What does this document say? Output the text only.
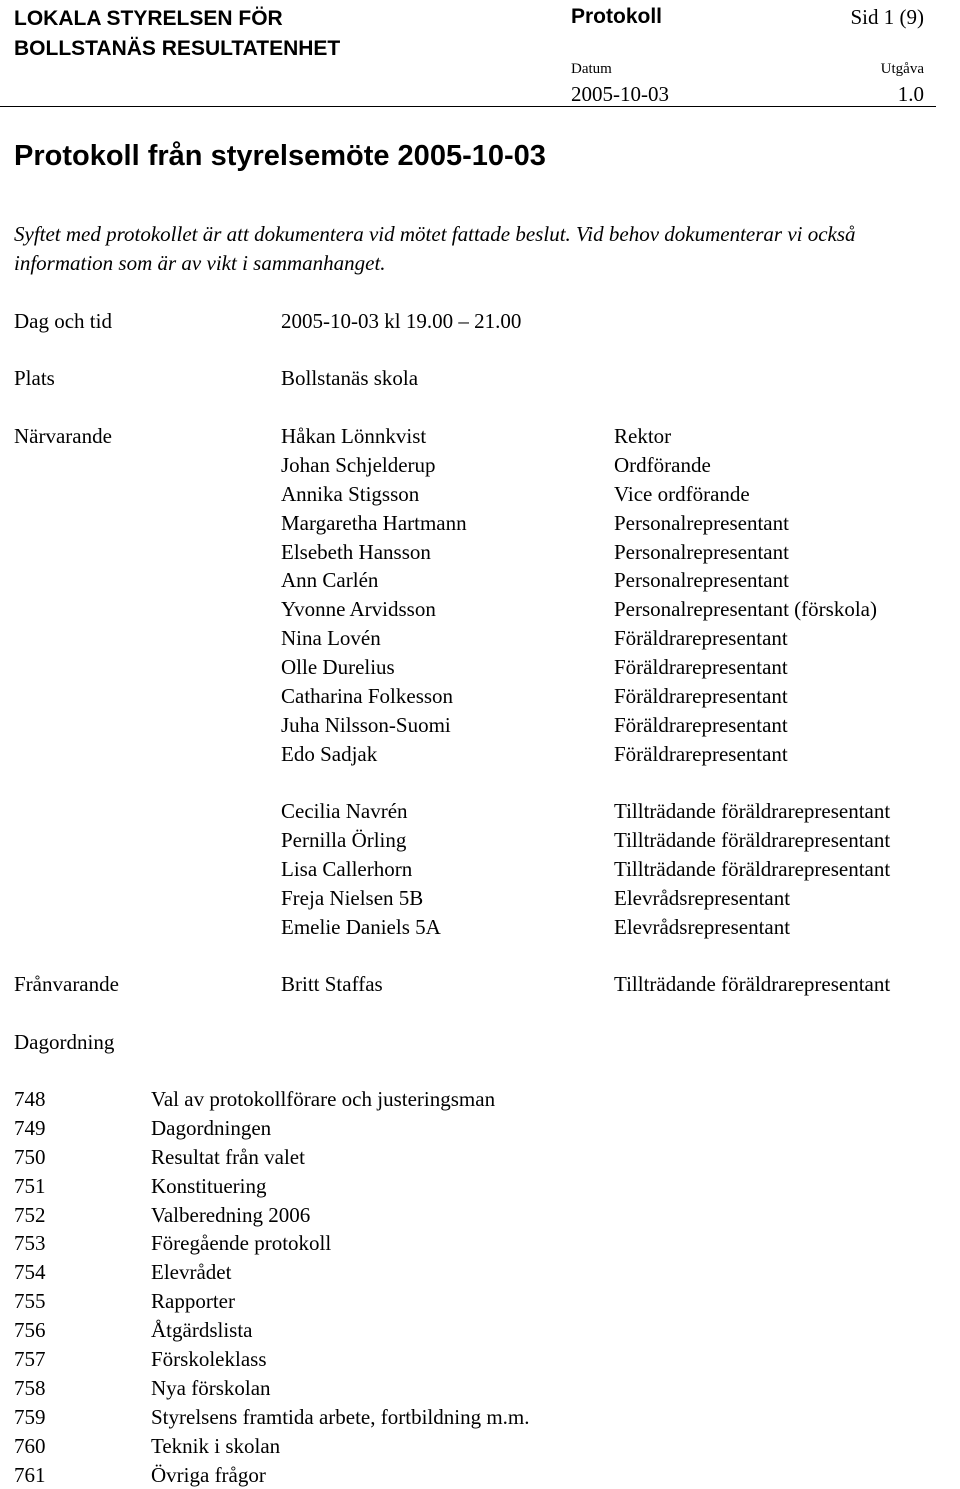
LOKALA STYRELSEN FÖR
BOLLSTANÄS RESULTATENHET
Protokoll	Sid 1 (9)
Datum	Utgåva
2005-10-03	1.0
Protokoll från styrelsemöte 2005-10-03
Syftet med protokollet är att dokumentera vid mötet fattade beslut. Vid behov dokumenterar vi också information som är av vikt i sammanhanget.
Dag och tid	2005-10-03 kl 19.00 – 21.00
Plats	Bollstanäs skola
Närvarande	Håkan Lönnkvist	Rektor
Johan Schjelderup	Ordförande
Annika Stigsson	Vice ordförande
Margaretha Hartmann	Personalrepresentant
Elsebeth Hansson	Personalrepresentant
Ann Carlén	Personalrepresentant
Yvonne Arvidsson	Personalrepresentant (förskola)
Nina Lovén	Föräldrarepresentant
Olle Durelius	Föräldrarepresentant
Catharina Folkesson	Föräldrarepresentant
Juha Nilsson-Suomi	Föräldrarepresentant
Edo Sadjak	Föräldrarepresentant
Cecilia Navrén	Tillträdande föräldrarepresentant
Pernilla Örling	Tillträdande föräldrarepresentant
Lisa Callerhorn	Tillträdande föräldrarepresentant
Freja Nielsen 5B	Elevrådsrepresentant
Emelie Daniels 5A	Elevrådsrepresentant
Frånvarande	Britt Staffas	Tillträdande föräldrarepresentant
Dagordning
748	Val av protokollförare och justeringsman
749	Dagordningen
750	Resultat från valet
751	Konstituering
752	Valberedning 2006
753	Föregående protokoll
754	Elevrådet
755	Rapporter
756	Åtgärdslista
757	Förskoleklass
758	Nya förskolan
759	Styrelsens framtida arbete, fortbildning m.m.
760	Teknik i skolan
761	Övriga frågor
